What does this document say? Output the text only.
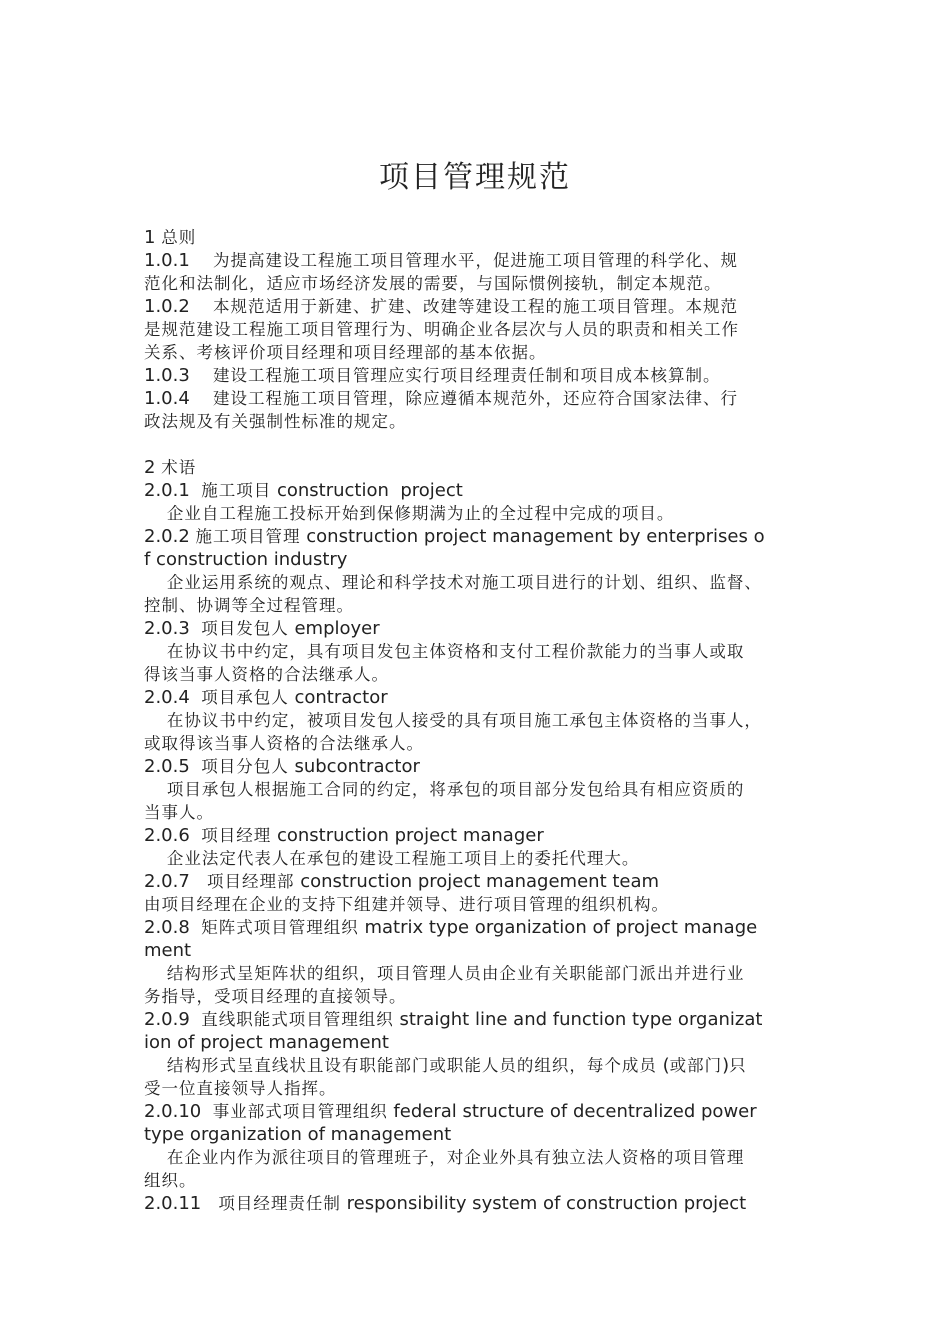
项目管理规范
1 总则
1.0.1　 为提高建设工程施工项目管理水平，促进施工项目管理的科学化、规
范化和法制化，适应市场经济发展的需要，与国际惯例接轨，制定本规范。
1.0.2　 本规范适用于新建、扩建、改建等建设工程的施工项目管理。本规范
是规范建设工程施工项目管理行为、明确企业各层次与人员的职责和相关工作
关系、考核评价项目经理和项目经理部的基本依据。
1.0.3　 建设工程施工项目管理应实行项目经理责任制和项目成本核算制。
1.0.4　 建设工程施工项目管理，除应遵循本规范外，还应符合国家法律、行
政法规及有关强制性标准的规定。
2 术语
2.0.1  施工项目 construction  project
企业自工程施工投标开始到保修期满为止的全过程中完成的项目。
2.0.2 施工项目管理 construction project management by enterprises o
f construction industry
企业运用系统的观点、理论和科学技术对施工项目进行的计划、组织、监督、
控制、协调等全过程管理。
2.0.3  项目发包人 employer
在协议书中约定，具有项目发包主体资格和支付工程价款能力的当事人或取
得该当事人资格的合法继承人。
2.0.4  项目承包人 contractor
在协议书中约定，被项目发包人接受的具有项目施工承包主体资格的当事人，
或取得该当事人资格的合法继承人。
2.0.5  项目分包人 subcontractor
项目承包人根据施工合同的约定，将承包的项目部分发包给具有相应资质的
当事人。
2.0.6  项目经理 construction project manager
企业法定代表人在承包的建设工程施工项目上的委托代理大。
2.0.7   项目经理部 construction project management team
由项目经理在企业的支持下组建并领导、进行项目管理的组织机构。
2.0.8  矩阵式项目管理组织 matrix type organization of project manage
ment
结构形式呈矩阵状的组织，项目管理人员由企业有关职能部门派出并进行业
务指导，受项目经理的直接领导。
2.0.9  直线职能式项目管理组织 straight line and function type organizat
ion of project management
结构形式呈直线状且设有职能部门或职能人员的组织，每个成员 (或部门)只
受一位直接领导人指挥。
2.0.10  事业部式项目管理组织 federal structure of decentralized power
type organization of management
在企业内作为派往项目的管理班子，对企业外具有独立法人资格的项目管理
组织。
2.0.11   项目经理责任制 responsibility system of construction project
